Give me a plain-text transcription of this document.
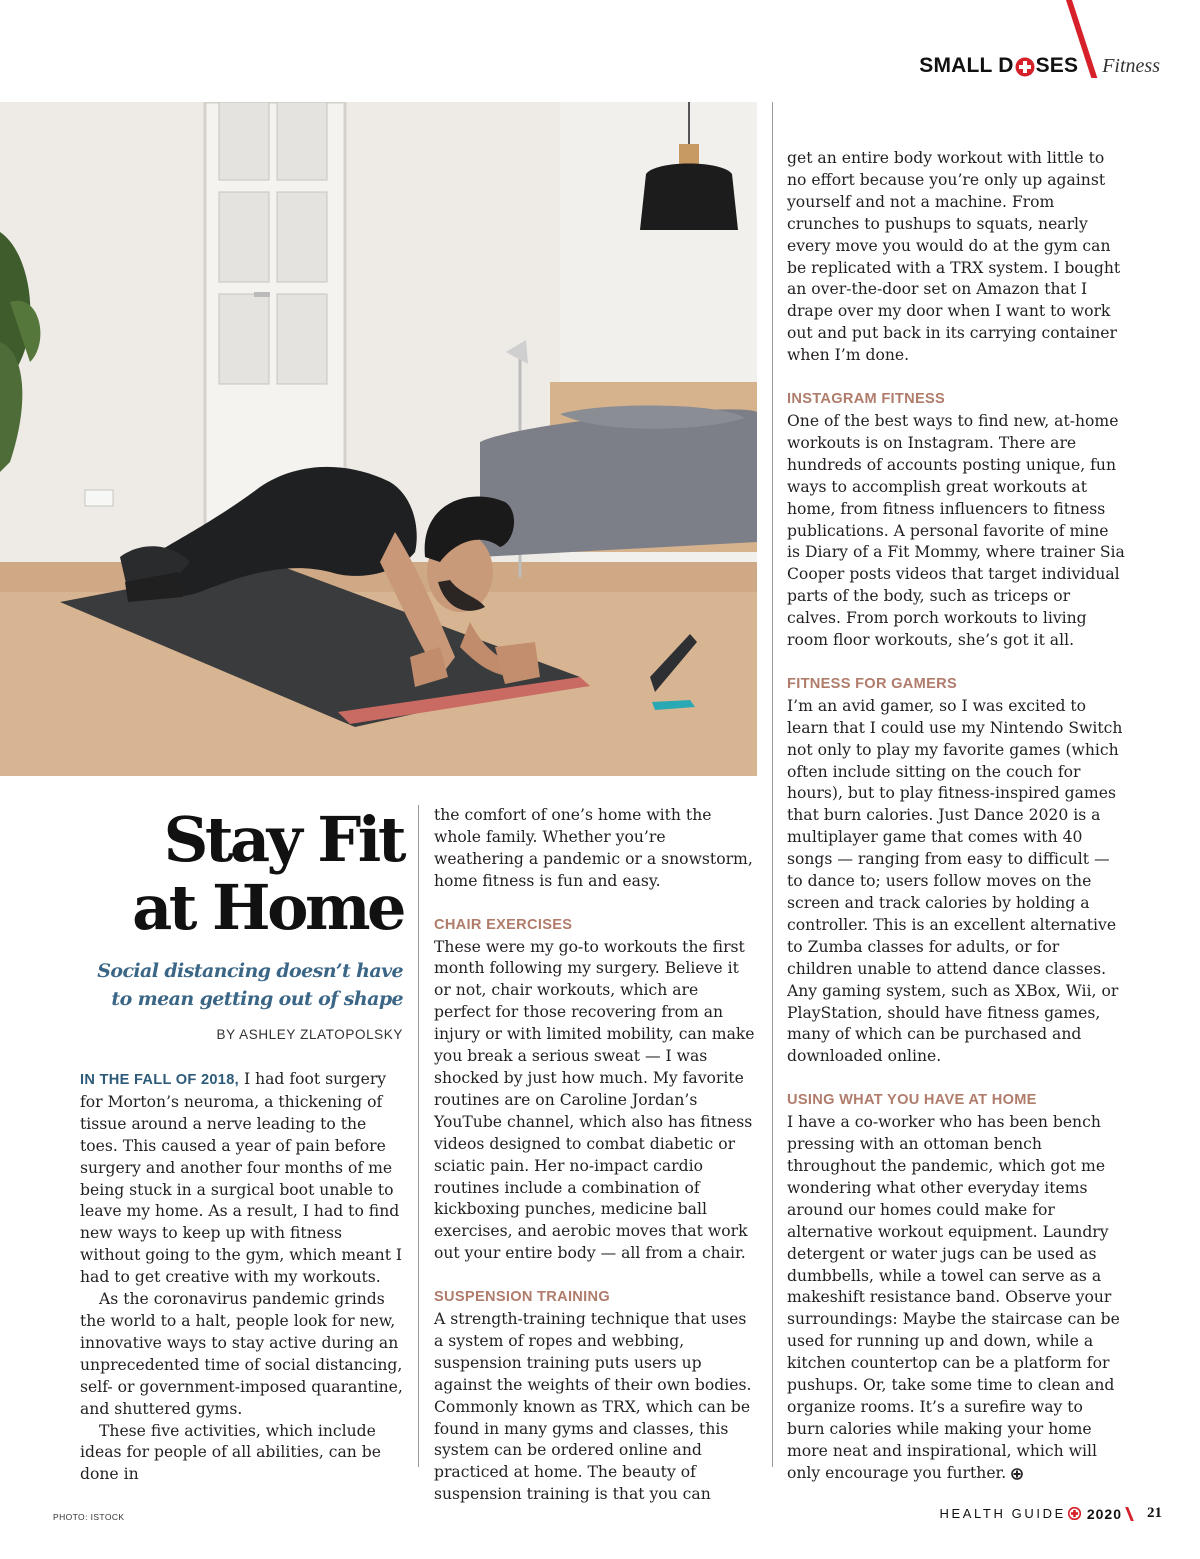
SMALL D SES Fitness
Stay Fit
at Home
Social distancing doesn’t have
to mean getting out of shape
BY ASHLEY ZLATOPOLSKY

IN THE FALL OF 2018, I had foot surgery for Morton’s neuroma, a thickening of tissue around a nerve leading to the toes. This caused a year of pain before surgery and another four months of me being stuck in a surgical boot unable to leave my home. As a result, I had to find new ways to keep up with fitness without going to the gym, which meant I had to get creative with my workouts.

As the coronavirus pandemic grinds the world to a halt, people look for new, innovative ways to stay active during an unprecedented time of social distancing, self- or government-imposed quarantine, and shuttered gyms.

These five activities, which include ideas for people of all abilities, can be done in

the comfort of one’s home with the whole family. Whether you’re weathering a pandemic or a snowstorm, home fitness is fun and easy.

CHAIR EXERCISES

These were my go-to workouts the first month following my surgery. Believe it or not, chair workouts, which are perfect for those recovering from an injury or with limited mobility, can make you break a serious sweat — I was shocked by just how much. My favorite routines are on Caroline Jordan’s YouTube channel, which also has fitness videos designed to combat diabetic or sciatic pain. Her no-impact cardio routines include a combination of kickboxing punches, medicine ball exercises, and aerobic moves that work out your entire body — all from a chair.

SUSPENSION TRAINING

A strength-training technique that uses a system of ropes and webbing, suspension training puts users up against the weights of their own bodies. Commonly known as TRX, which can be found in many gyms and classes, this system can be ordered online and practiced at home. The beauty of suspension training is that you can

get an entire body workout with little to no effort because you’re only up against yourself and not a machine. From crunches to pushups to squats, nearly every move you would do at the gym can be replicated with a TRX system. I bought an over-the-door set on Amazon that I drape over my door when I want to work out and put back in its carrying container when I’m done.

INSTAGRAM FITNESS

One of the best ways to find new, at-home workouts is on Instagram. There are hundreds of accounts posting unique, fun ways to accomplish great workouts at home, from fitness influencers to fitness publications. A personal favorite of mine is Diary of a Fit Mommy, where trainer Sia Cooper posts videos that target individual parts of the body, such as triceps or calves. From porch workouts to living room floor workouts, she’s got it all.

FITNESS FOR GAMERS

I’m an avid gamer, so I was excited to learn that I could use my Nintendo Switch not only to play my favorite games (which often include sitting on the couch for hours), but to play fitness-inspired games that burn calories. Just Dance 2020 is a multiplayer game that comes with 40 songs — ranging from easy to difficult — to dance to; users follow moves on the screen and track calories by holding a controller. This is an excellent alternative to Zumba classes for adults, or for children unable to attend dance classes. Any gaming system, such as XBox, Wii, or PlayStation, should have fitness games, many of which can be purchased and downloaded online.

USING WHAT YOU HAVE AT HOME

I have a co-worker who has been bench pressing with an ottoman bench throughout the pandemic, which got me wondering what other everyday items around our homes could make for alternative workout equipment. Laundry detergent or water jugs can be used as dumbbells, while a towel can serve as a makeshift resistance band. Observe your surroundings: Maybe the staircase can be used for running up and down, while a kitchen countertop can be a platform for pushups. Or, take some time to clean and organize rooms. It’s a surefire way to burn calories while making your home more neat and inspirational, which will only encourage you further.

PHOTO: ISTOCK	HEALTH GUIDE 2020 21
